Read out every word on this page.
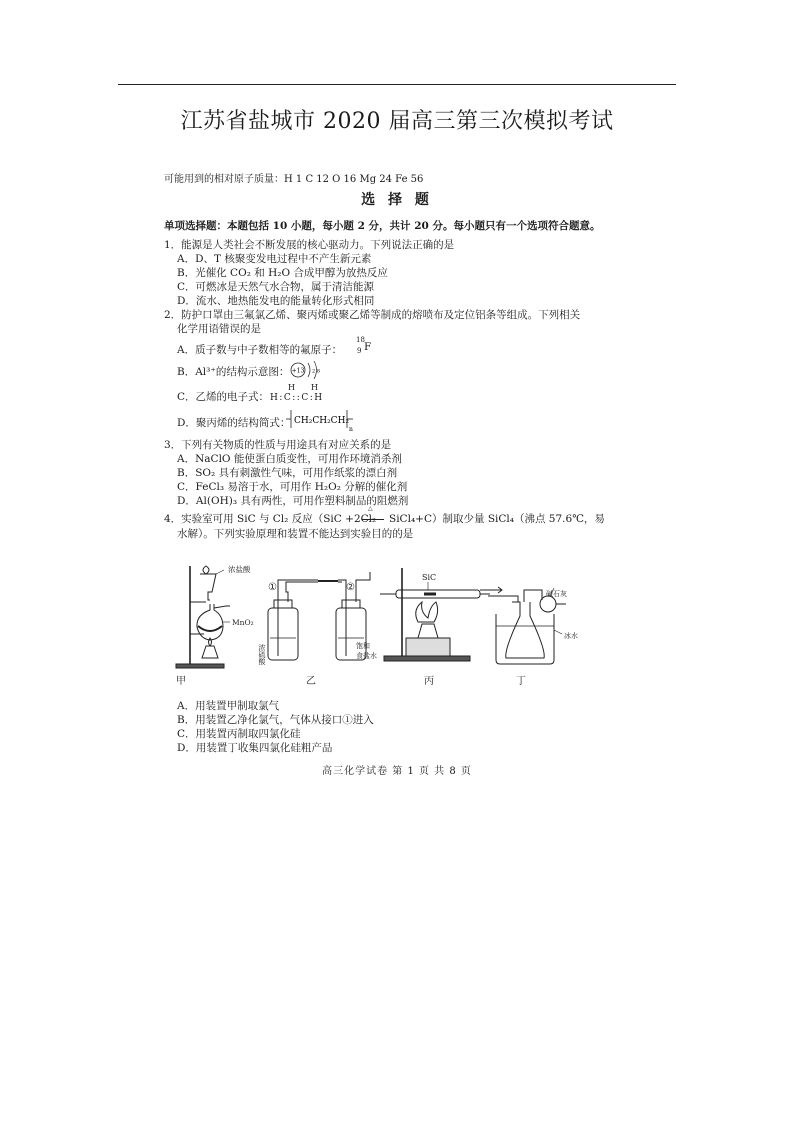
江苏省盐城市 2020 届高三第三次模拟考试
可能用到的相对原子质量：H 1 C 12 O 16 Mg 24 Fe 56
选 择 题
单项选择题：本题包括 10 小题，每小题 2 分，共计 20 分。每小题只有一个选项符合题意。
1．能源是人类社会不断发展的核心驱动力。下列说法正确的是
A．D、T 核聚变发电过程中不产生新元素
B．光催化 CO₂ 和 H₂O 合成甲醇为放热反应
C．可燃冰是天然气水合物，属于清洁能源
D．流水、地热能发电的能量转化形式相同
2．防护口罩由三氟氯乙烯、聚丙烯或聚乙烯等制成的熔喷布及定位铝条等组成。下列相关
化学用语错误的是
A．质子数与中子数相等的氟原子：
18
9 F
B．Al³⁺的结构示意图： +13 2 8
C．乙烯的电子式：
H H
H:C::C:H
D．聚丙烯的结构简式： CH₂CH₂CH₂
n
3．下列有关物质的性质与用途具有对应关系的是
A．NaClO 能使蛋白质变性，可用作环境消杀剂
B．SO₂ 具有刺激性气味，可用作纸浆的漂白剂
C．FeCl₃ 易溶于水，可用作 H₂O₂ 分解的催化剂
D．Al(OH)₃ 具有两性，可用作塑料制品的阻燃剂
4．实验室可用 SiC 与 Cl₂ 反应（SiC +2Cl₂
△
SiCl₄+C）制取少量 SiCl₄（沸点 57.6℃，易
水解）。下列实验原理和装置不能达到实验目的的是
浓盐酸
MnO₂
①	②
浓硫酸	饱和
食盐水
SiC
碱石灰
冰水
甲	乙	丙	丁
A．用装置甲制取氯气
B．用装置乙净化氯气，气体从接口①进入
C．用装置丙制取四氯化硅
D．用装置丁收集四氯化硅粗产品
高三化学试卷 第 1 页 共 8 页
